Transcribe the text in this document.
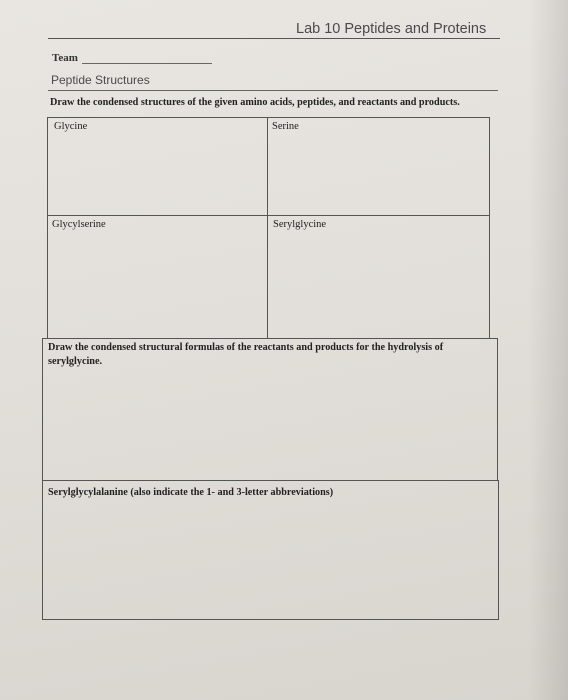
Lab 10 Peptides and Proteins
Team
Peptide Structures
Draw the condensed structures of the given amino acids, peptides, and reactants and products.
Glycine	Serine
Glycylserine	Serylglycine
Draw the condensed structural formulas of the reactants and products for the hydrolysis of
serylglycine.
Serylglycylalanine (also indicate the 1- and 3-letter abbreviations)
